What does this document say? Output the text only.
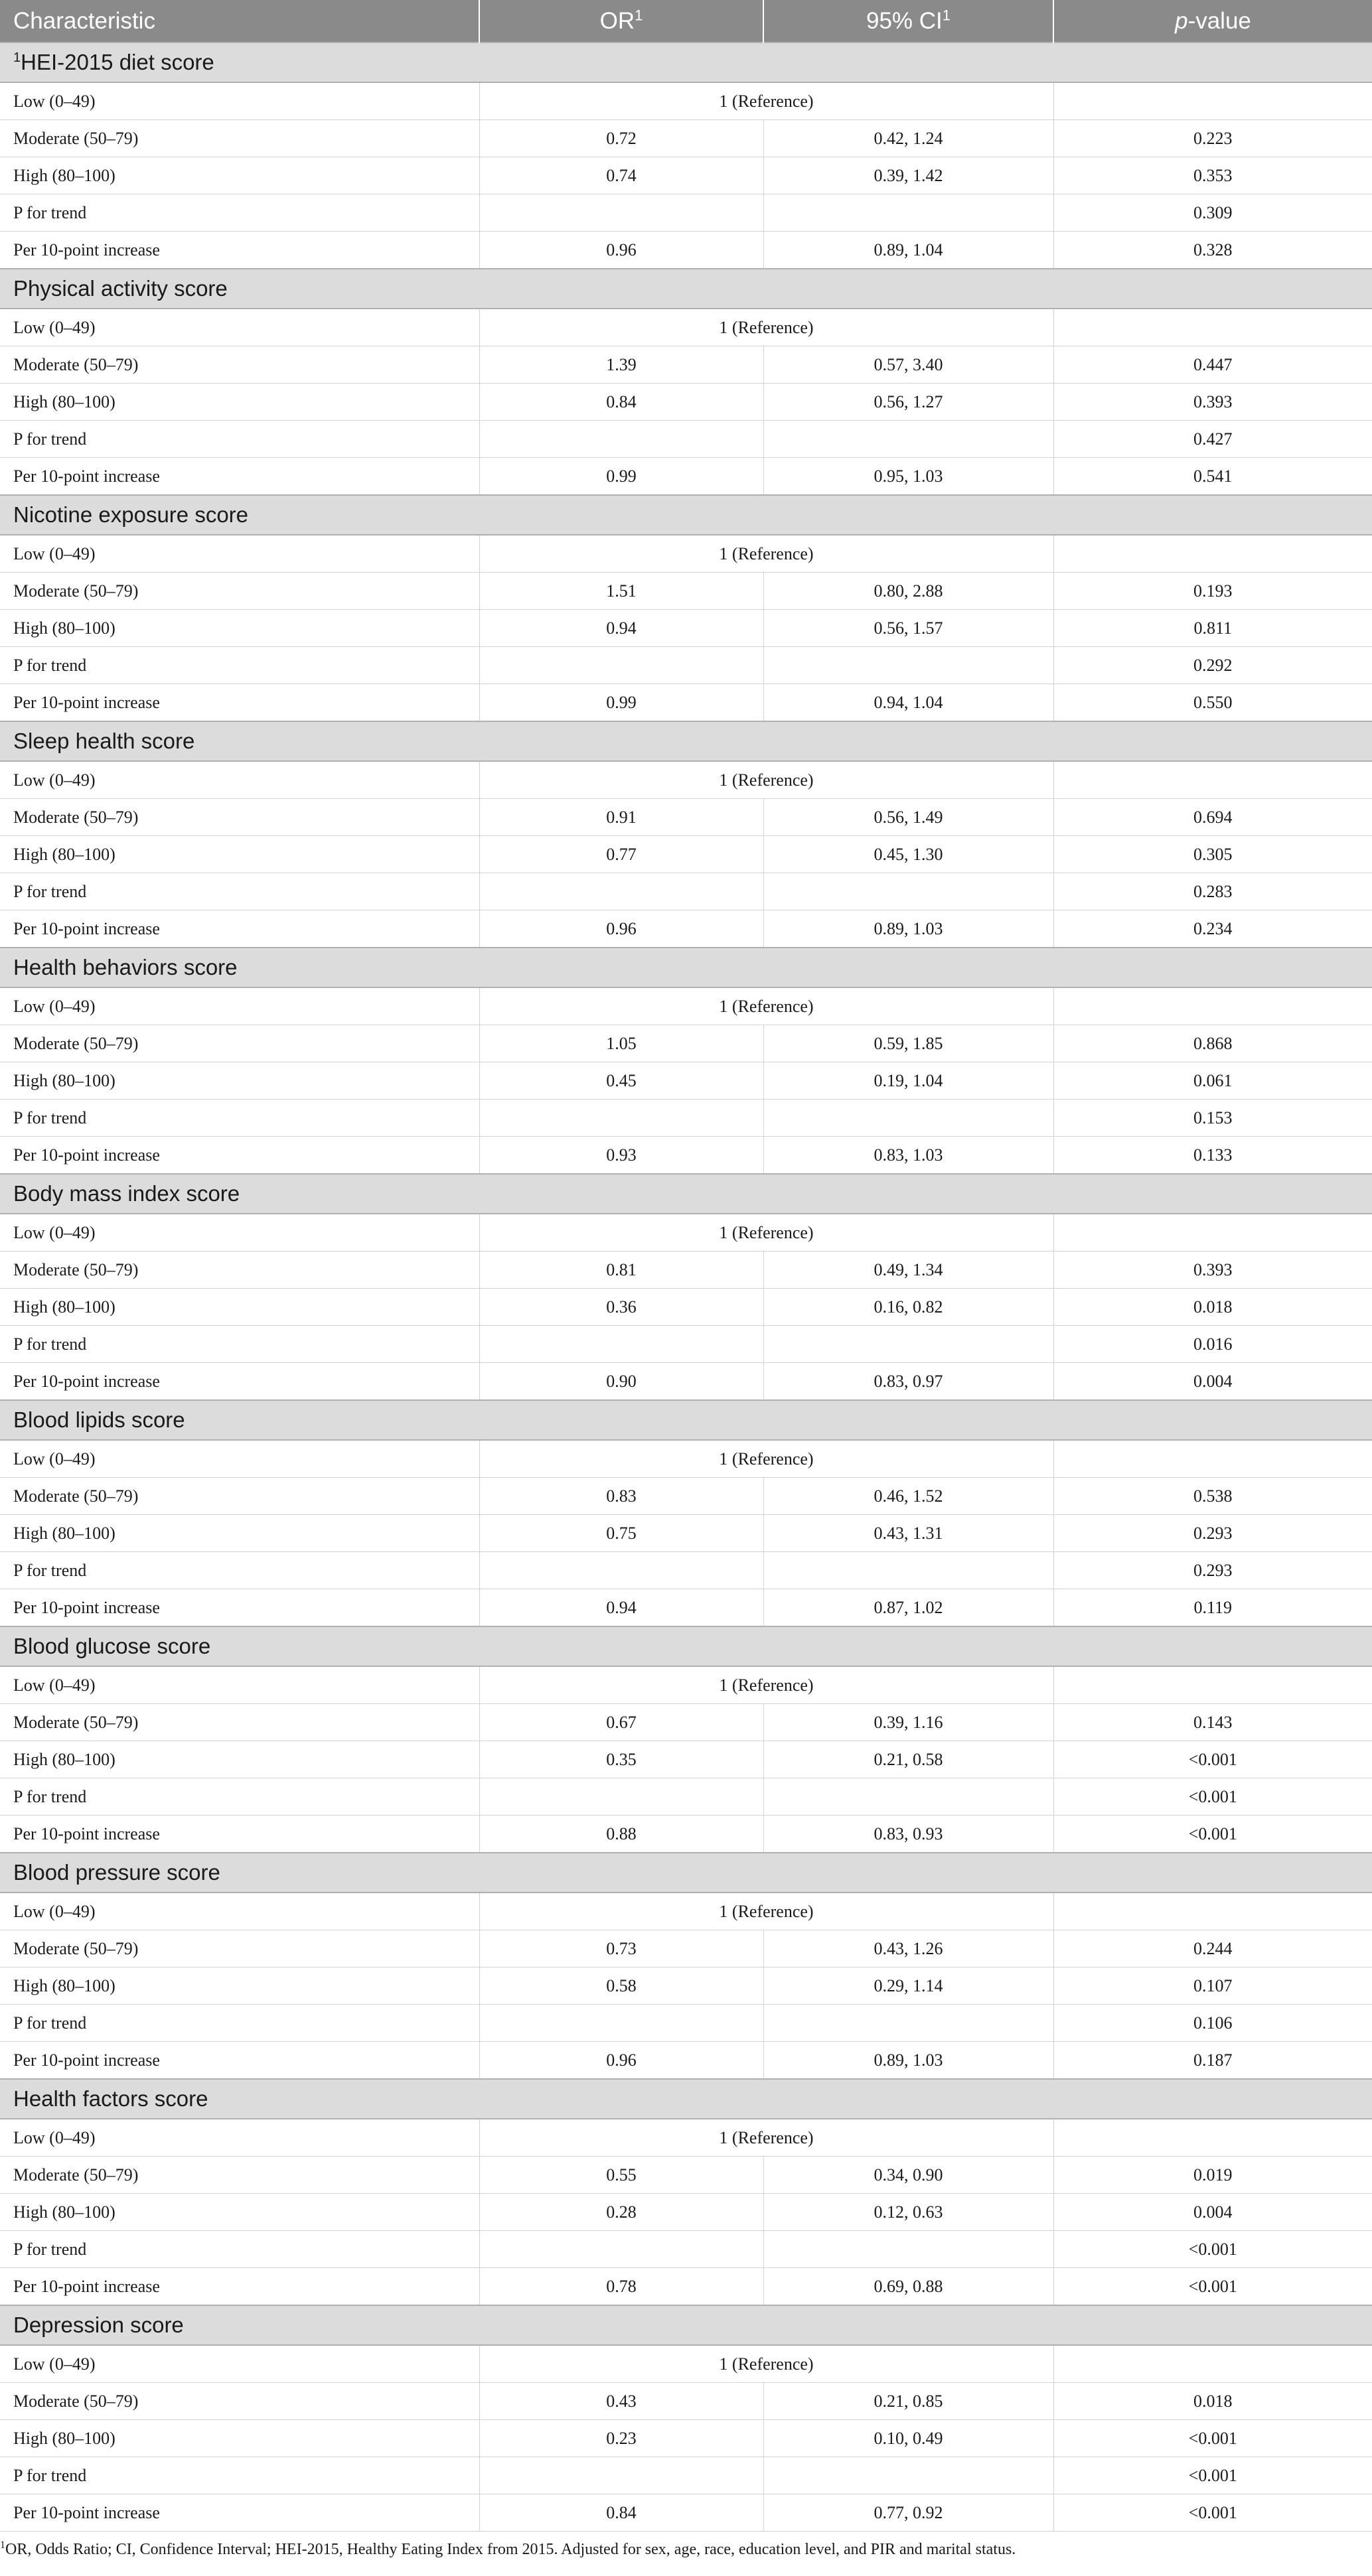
Characteristic	$OR^1$	95% $CI^1$	p-value
$^1$HEI-2015 diet score			
Low (0–49)	1 (Reference)		
Moderate (50–79)	0.72	0.42, 1.24	0.223
High (80–100)	0.74	0.39, 1.42	0.353
P for trend			0.309
Per 10-point increase	0.96	0.89, 1.04	0.328
Physical activity score			
Low (0–49)	1 (Reference)		
Moderate (50–79)	1.39	0.57, 3.40	0.447
High (80–100)	0.84	0.56, 1.27	0.393
P for trend			0.427
Per 10-point increase	0.99	0.95, 1.03	0.541
Nicotine exposure score			
Low (0–49)	1 (Reference)		
Moderate (50–79)	1.51	0.80, 2.88	0.193
High (80–100)	0.94	0.56, 1.57	0.811
P for trend			0.292
Per 10-point increase	0.99	0.94, 1.04	0.550
Sleep health score			
Low (0–49)	1 (Reference)		
Moderate (50–79)	0.91	0.56, 1.49	0.694
High (80–100)	0.77	0.45, 1.30	0.305
P for trend			0.283
Per 10-point increase	0.96	0.89, 1.03	0.234
Health behaviors score			
Low (0–49)	1 (Reference)		
Moderate (50–79)	1.05	0.59, 1.85	0.868
High (80–100)	0.45	0.19, 1.04	0.061
P for trend			0.153
Per 10-point increase	0.93	0.83, 1.03	0.133
Body mass index score			
Low (0–49)	1 (Reference)		
Moderate (50–79)	0.81	0.49, 1.34	0.393
High (80–100)	0.36	0.16, 0.82	0.018
P for trend			0.016
Per 10-point increase	0.90	0.83, 0.97	0.004
Blood lipids score			
Low (0–49)	1 (Reference)		
Moderate (50–79)	0.83	0.46, 1.52	0.538
High (80–100)	0.75	0.43, 1.31	0.293
P for trend			0.293
Per 10-point increase	0.94	0.87, 1.02	0.119
Blood glucose score			
Low (0–49)	1 (Reference)		
Moderate (50–79)	0.67	0.39, 1.16	0.143
High (80–100)	0.35	0.21, 0.58	<0.001
P for trend			<0.001
Per 10-point increase	0.88	0.83, 0.93	<0.001
Blood pressure score			
Low (0–49)	1 (Reference)		
Moderate (50–79)	0.73	0.43, 1.26	0.244
High (80–100)	0.58	0.29, 1.14	0.107
P for trend			0.106
Per 10-point increase	0.96	0.89, 1.03	0.187
Health factors score			
Low (0–49)	1 (Reference)		
Moderate (50–79)	0.55	0.34, 0.90	0.019
High (80–100)	0.28	0.12, 0.63	0.004
P for trend			<0.001
Per 10-point increase	0.78	0.69, 0.88	<0.001
Depression score			
Low (0–49)	1 (Reference)		
Moderate (50–79)	0.43	0.21, 0.85	0.018
High (80–100)	0.23	0.10, 0.49	<0.001
P for trend			<0.001
Per 10-point increase	0.84	0.77, 0.92	<0.001
$^1$OR, Odds Ratio; CI, Confidence Interval; HEI-2015, Healthy Eating Index from 2015. Adjusted for sex, age, race, education level, and PIR and marital status.
